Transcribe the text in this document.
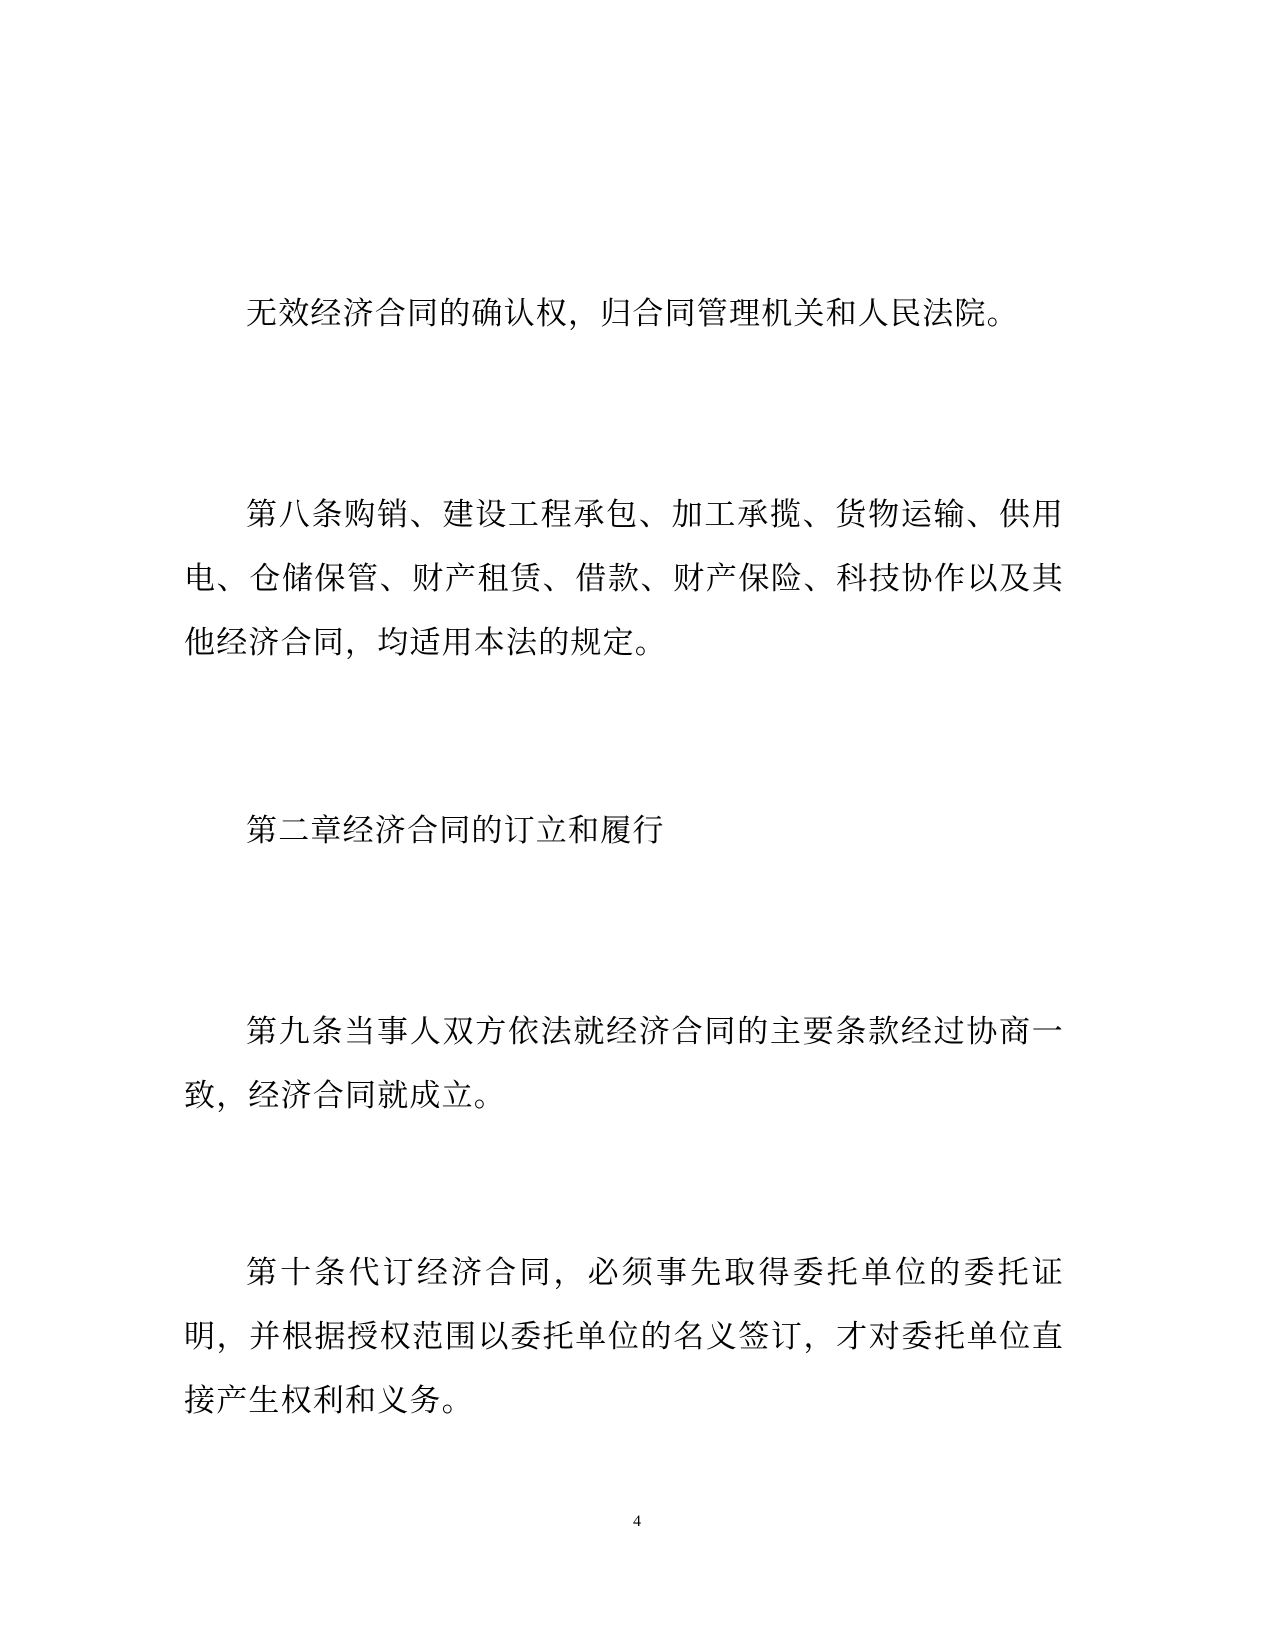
无效经济合同的确认权，归合同管理机关和人民法院。

第八条购销、建设工程承包、加工承揽、货物运输、供用电、仓储保管、财产租赁、借款、财产保险、科技协作以及其他经济合同，均适用本法的规定。

第二章经济合同的订立和履行

第九条当事人双方依法就经济合同的主要条款经过协商一致，经济合同就成立。

第十条代订经济合同，必须事先取得委托单位的委托证明，并根据授权范围以委托单位的名义签订，才对委托单位直接产生权利和义务。

4
